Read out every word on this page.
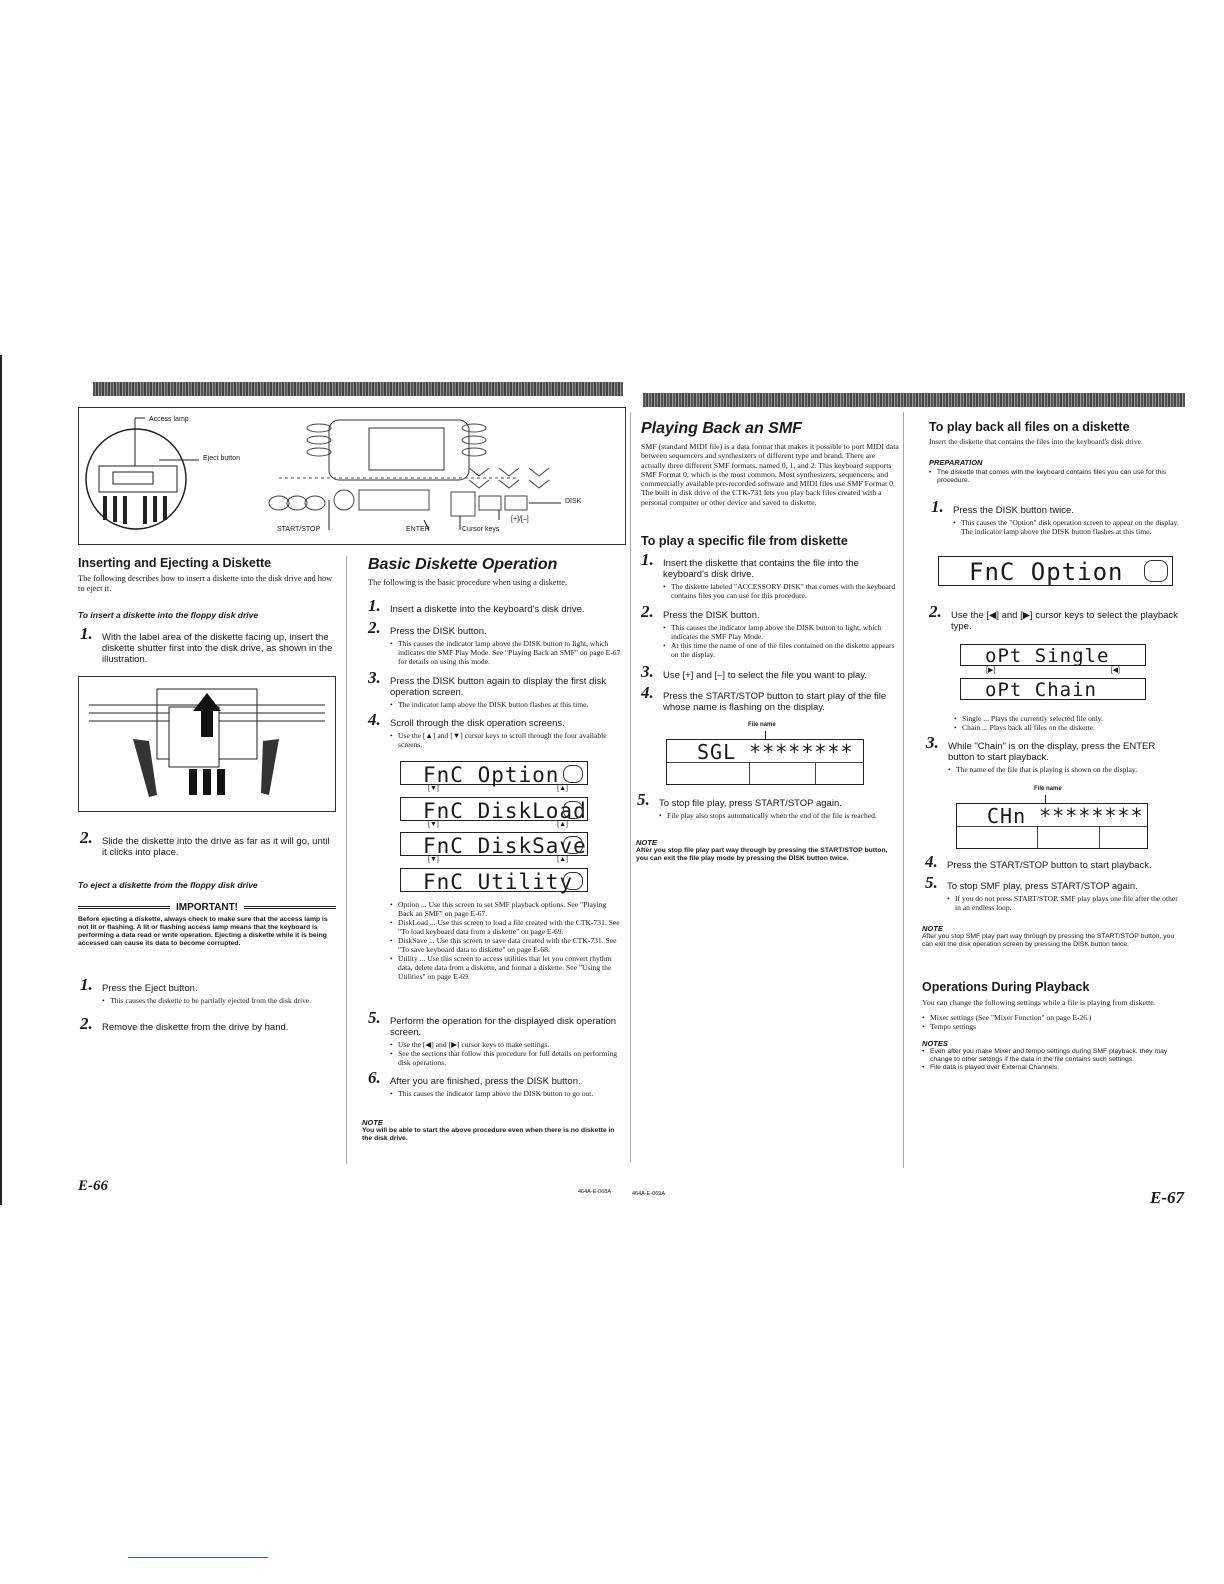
Access lamp
Eject button
START/STOP	ENTER	Cursor keys
DISK
[+]/[–]
Inserting and Ejecting a Diskette
The following describes how to insert a diskette into the disk drive and how to eject it.
To insert a diskette into the floppy disk drive
1. With the label area of the diskette facing up, insert the diskette shutter first into the disk drive, as shown in the illustration.
2. Slide the diskette into the drive as far as it will go, until it clicks into place.
To eject a diskette from the floppy disk drive
IMPORTANT!
Before ejecting a diskette, always check to make sure that the access lamp is not lit or flashing. A lit or flashing access lamp means that the keyboard is performing a data read or write operation. Ejecting a diskette while it is being accessed can cause its data to become corrupted.
1. Press the Eject button.
• This causes the diskette to be partially ejected from the disk drive.
2. Remove the diskette from the drive by hand.
Basic Diskette Operation
The following is the basic procedure when using a diskette.
1. Insert a diskette into the keyboard's disk drive.
2. Press the DISK button.
• This causes the indicator lamp above the DISK button to light, which indicates the SMF Play Mode. See "Playing Back an SMF" on page E-67 for details on using this mode.
3. Press the DISK button again to display the first disk operation screen.
• The indicator lamp above the DISK button flashes at this time.
4. Scroll through the disk operation screens.
• Use the [▲] and [▼] cursor keys to scroll through the four available screens.
FnC Option
[▼]	[▲]
FnC DiskLoad
[▼]	[▲]
FnC DiskSave
[▼]	[▲]
FnC Utility
• Option ... Use this screen to set SMF playback options. See "Playing Back an SMF" on page E-67.
• DiskLoad ... Use this screen to load a file created with the CTK-731. See "To load keyboard data from a diskette" on page E-69.
• DiskSave ... Use this screen to save data created with the CTK-731. See "To save keyboard data to diskette" on page E-68.
• Utility ... Use this screen to access utilities that let you convert rhythm data, delete data from a diskette, and format a diskette. See "Using the Utilities" on page E-69.
5. Perform the operation for the displayed disk operation screen.
• Use the [◀] and [▶] cursor keys to make settings.
• See the sections that follow this procedure for full details on performing disk operations.
6. After you are finished, press the DISK button.
• This causes the indicator lamp above the DISK button to go out.
NOTE
You will be able to start the above procedure even when there is no diskette in the disk drive.
E-66	464A-E-068A
Playing Back an SMF
SMF (standard MIDI file) is a data format that makes it possible to port MIDI data between sequencers and synthesizers of different type and brand. There are actually three different SMF formats, named 0, 1, and 2. This keyboard supports SMF Format 0, which is the most common. Most synthesizers, sequencers, and commercially available pre-recorded software and MIDI files use SMF Format 0. The built in disk drive of the CTK-731 lets you play back files created with a personal computer or other device and saved to diskette.
To play a specific file from diskette
1. Insert the diskette that contains the file into the keyboard's disk drive.
• The diskette labeled "ACCESSORY DISK" that comes with the keyboard contains files you can use for this procedure.
2. Press the DISK button.
• This causes the indicator lamp above the DISK button to light, which indicates the SMF Play Mode.
• At this time the name of one of the files contained on the diskette appears on the display.
3. Use [+] and [–] to select the file you want to play.
4. Press the START/STOP button to start play of the file whose name is flashing on the display.
File name
SGL ********
5. To stop file play, press START/STOP again.
• File play also stops automatically when the end of the file is reached.
NOTE
After you stop file play part way through by pressing the START/STOP button, you can exit the file play mode by pressing the DISK button twice.
To play back all files on a diskette
Insert the diskette that contains the files into the keyboard's disk drive.
PREPARATION
• The diskette that comes with the keyboard contains files you can use for this procedure.
1. Press the DISK button twice.
• This causes the "Option" disk operation screen to appear on the display. The indicator lamp above the DISK button flashes at this time.
FnC Option
2. Use the [◀] and [▶] cursor keys to select the playback type.
oPt Single
[▶]	[◀]
oPt Chain
• Single ... Plays the currently selected file only.
• Chain ... Plays back all files on the diskette.
3. While "Chain" is on the display, press the ENTER button to start playback.
• The name of the file that is playing is shown on the display.
File name
CHn ********
4. Press the START/STOP button to start playback.
5. To stop SMF play, press START/STOP again.
• If you do not press START/STOP, SMF play plays one file after the other in an endless loop.
NOTE
After you stop SMF play part way through by pressing the START/STOP button, you can exit the disk operation screen by pressing the DISK button twice.
Operations During Playback
You can change the following settings while a file is playing from diskette.
• Mixer settings (See "Mixer Function" on page E-26.)
• Tempo settings
NOTES
• Even after you make Mixer and tempo settings during SMF playback, they may change to other settings if the data in the file contains such settings.
• File data is played over External Channels.
464A-E-069A	E-67
